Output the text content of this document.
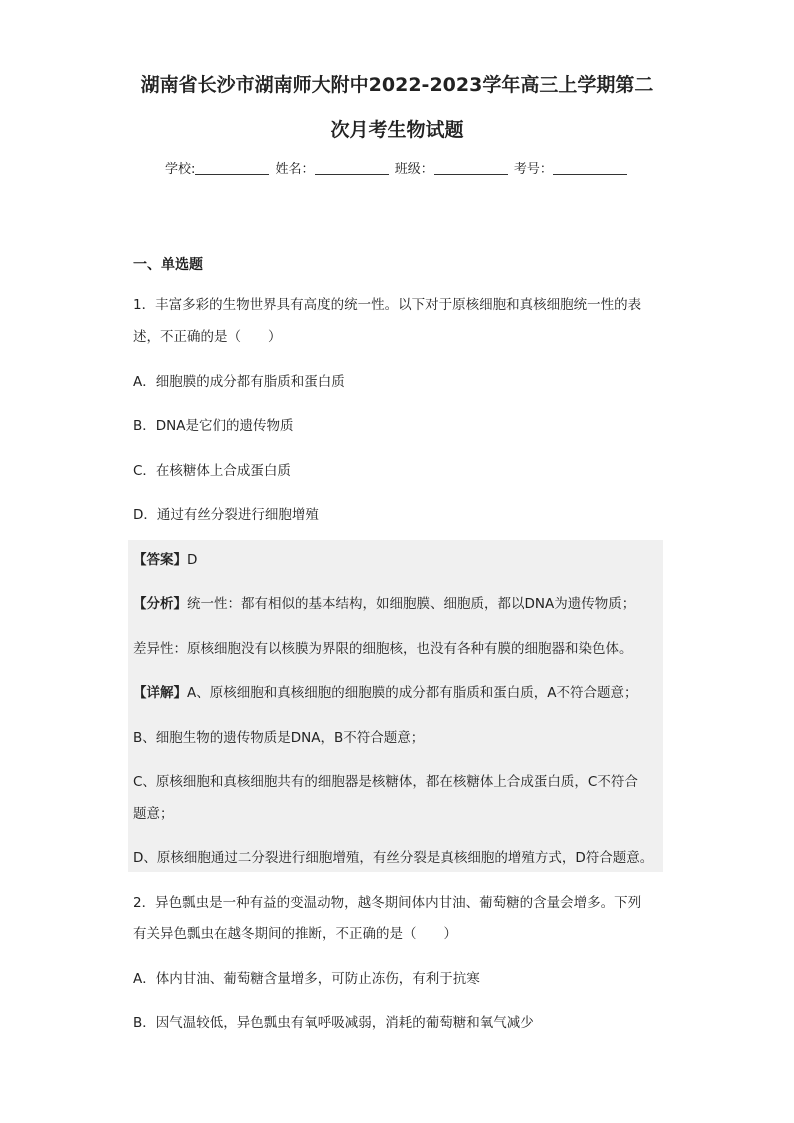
湖南省长沙市湖南师大附中2022-2023学年高三上学期第二
次月考生物试题
学校:	姓名：	班级：	考号：
一、单选题
1．丰富多彩的生物世界具有高度的统一性。以下对于原核细胞和真核细胞统一性的表
述，不正确的是（　　）
A．细胞膜的成分都有脂质和蛋白质
B．DNA是它们的遗传物质
C．在核糖体上合成蛋白质
D．通过有丝分裂进行细胞增殖
【答案】D
【分析】统一性：都有相似的基本结构，如细胞膜、细胞质，都以DNA为遗传物质；
差异性：原核细胞没有以核膜为界限的细胞核，也没有各种有膜的细胞器和染色体。
【详解】A、原核细胞和真核细胞的细胞膜的成分都有脂质和蛋白质，A不符合题意；
B、细胞生物的遗传物质是DNA，B不符合题意；
C、原核细胞和真核细胞共有的细胞器是核糖体，都在核糖体上合成蛋白质，C不符合
题意；
D、原核细胞通过二分裂进行细胞增殖，有丝分裂是真核细胞的增殖方式，D符合题意。
2．异色瓢虫是一种有益的变温动物，越冬期间体内甘油、葡萄糖的含量会增多。下列
有关异色瓢虫在越冬期间的推断，不正确的是（　　）
A．体内甘油、葡萄糖含量增多，可防止冻伤，有利于抗寒
B．因气温较低，异色瓢虫有氧呼吸减弱，消耗的葡萄糖和氧气减少
